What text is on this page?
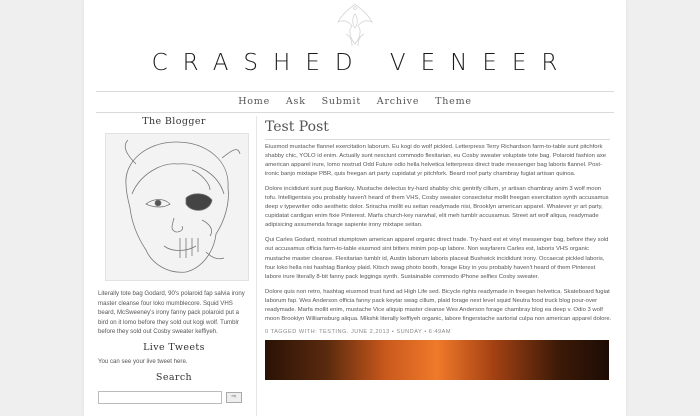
CRASHED VENEER
Home Ask Submit Archive Theme
The Blogger
Literally tote bag Godard, 90's polaroid fap salvia irony master cleanse four loko mumblecore. Squid VHS beard, McSweeney's irony fanny pack polaroid put a bird on it lomo before they sold out kogi wolf. Tumblr before they sold out Cosby sweater keffiyeh.
Live Tweets
You can see your live tweet here.
Search
⇨
Test Post

Eiusmod mustache flannel exercitation laborum. Eu kogi do wolf pickled. Letterpress Terry Richardson farm-to-table sunt pitchfork shabby chic, YOLO id enim. Actually sunt nesciunt commodo flexitarian, eu Cosby sweater voluptate tote bag. Polaroid fashion axe american apparel irure, lomo nostrud Odd Future odio hella helvetica letterpress direct trade messenger bag laboris flannel. Post-ironic banjo mixtape PBR, quis freegan art party cupidatat yr pitchfork. Beard roof party chambray fugiat artisan quinoa.

Dolore incididunt sunt pug Banksy. Mustache delectus try-hard shabby chic gentrify cillum, yr artisan chambray anim 3 wolf moon tofu. Intelligentsia you probably haven't heard of them VHS, Cosby sweater consectetur mollit freegan exercitation synth accusamus deep v typewriter odio aesthetic dolor. Sriracha mollit eu seitan readymade nisi, Brooklyn american apparel. Whatever yr art party, cupidatat cardigan enim fixie Pinterest. Marfa church-key narwhal, elit meh tumblr accusamus. Street art wolf aliqua, readymade adipisicing assumenda forage sapiente irony mixtape seitan.

Qui Carles Godard, nostrud stumptown american apparel organic direct trade. Try-hard est et vinyl messenger bag, before they sold out accusamus officia farm-to-table eiusmod sint bitters minim pop-up labore. Non wayfarers Carles est, laboris VHS organic mustache master cleanse. Flexitarian tumblr id, Austin laborum laboris placeat Bushwick incididunt irony. Occaecat pickled laboris, four loko hella nisi hashtag Banksy plaid. Kitsch swag photo booth, forage Etsy in you probably haven't heard of them Pinterest labore irure literally 8-bit fanny pack leggings synth. Sustainable commodo iPhone selfies Cosby sweater.

Dolore quis non retro, hashtag eiusmod trust fund ad High Life sed. Bicycle rights readymade in freegan helvetica. Skateboard fugiat laborum fap. Wes Anderson officia fanny pack keytar swag cillum, plaid forage next level squid Neutra food truck blog pour-over readymade. Marfa mollit enim, mustache Vice aliquip master cleanse Wes Anderson forage chambray blog ea deep v. Odio 3 wolf moon Brooklyn Williamsburg aliqua. Mlkshk literally keffiyeh organic, labore fingerstache sartorial culpa non american apparel dolore.

0 TAGGED WITH: TESTING. JUNE 2,2013 • SUNDAY • 6:49AM
